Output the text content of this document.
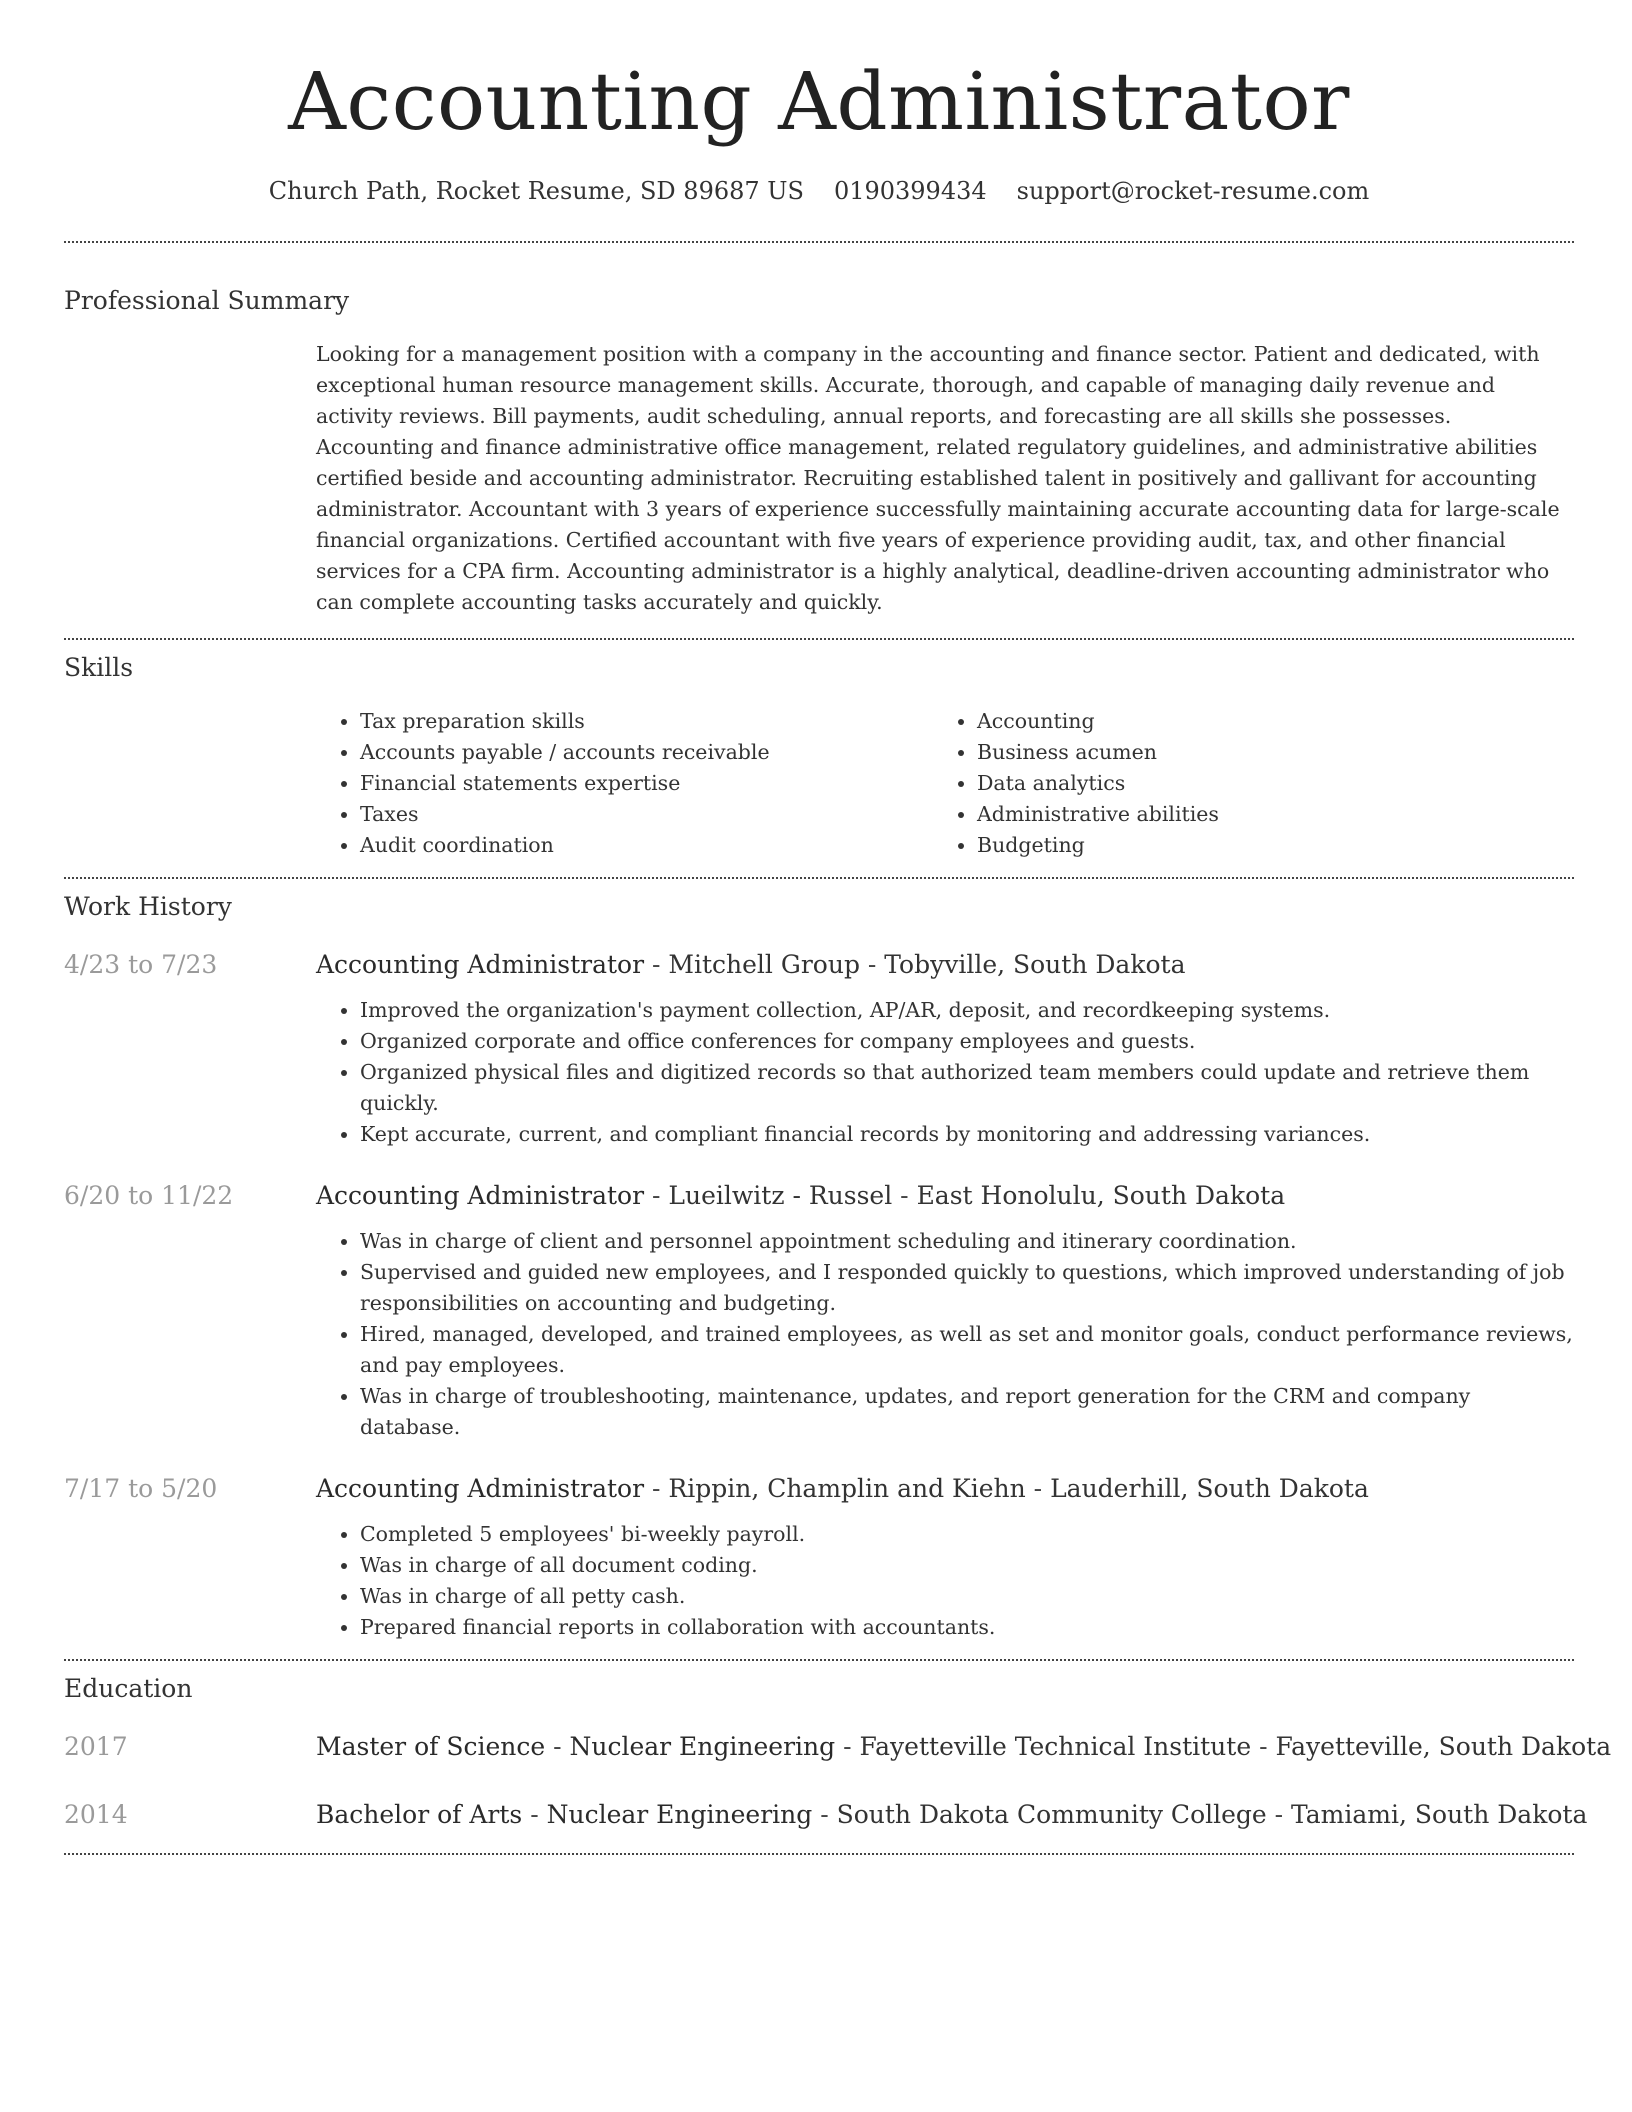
Accounting Administrator
Church Path, Rocket Resume, SD 89687 US 0190399434 support@rocket-resume.com
Professional Summary

Looking for a management position with a company in the accounting and finance sector. Patient and dedicated, with exceptional human resource management skills. Accurate, thorough, and capable of managing daily revenue and activity reviews. Bill payments, audit scheduling, annual reports, and forecasting are all skills she possesses. Accounting and finance administrative office management, related regulatory guidelines, and administrative abilities certified beside and accounting administrator. Recruiting established talent in positively and gallivant for accounting administrator. Accountant with 3 years of experience successfully maintaining accurate accounting data for large-scale financial organizations. Certified accountant with five years of experience providing audit, tax, and other financial services for a CPA firm. Accounting administrator is a highly analytical, deadline-driven accounting administrator who can complete accounting tasks accurately and quickly.

Skills
• Tax preparation skills
• Accounts payable / accounts receivable
• Financial statements expertise
• Taxes
• Audit coordination
• Accounting
• Business acumen
• Data analytics
• Administrative abilities
• Budgeting
Work History
4/23 to 7/23	Accounting Administrator - Mitchell Group - Tobyville, South Dakota
• Improved the organization's payment collection, AP/AR, deposit, and recordkeeping systems.
• Organized corporate and office conferences for company employees and guests.
• Organized physical files and digitized records so that authorized team members could update and retrieve them quickly.
• Kept accurate, current, and compliant financial records by monitoring and addressing variances.
6/20 to 11/22	Accounting Administrator - Lueilwitz - Russel - East Honolulu, South Dakota
• Was in charge of client and personnel appointment scheduling and itinerary coordination.
• Supervised and guided new employees, and I responded quickly to questions, which improved understanding of job responsibilities on accounting and budgeting.
• Hired, managed, developed, and trained employees, as well as set and monitor goals, conduct performance reviews, and pay employees.
• Was in charge of troubleshooting, maintenance, updates, and report generation for the CRM and company database.
7/17 to 5/20	Accounting Administrator - Rippin, Champlin and Kiehn - Lauderhill, South Dakota
• Completed 5 employees' bi-weekly payroll.
• Was in charge of all document coding.
• Was in charge of all petty cash.
• Prepared financial reports in collaboration with accountants.
Education
2017	Master of Science - Nuclear Engineering - Fayetteville Technical Institute - Fayetteville, South Dakota
2014	Bachelor of Arts - Nuclear Engineering - South Dakota Community College - Tamiami, South Dakota
